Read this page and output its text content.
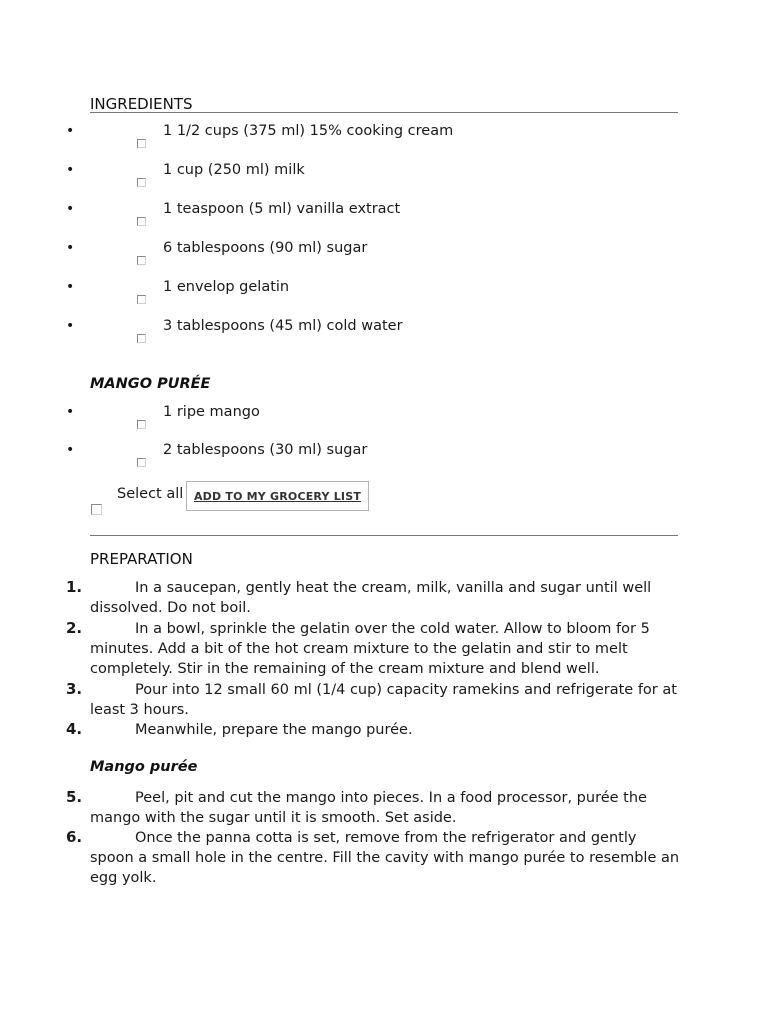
INGREDIENTS
•	1 1/2 cups (375 ml) 15% cooking cream
•	1 cup (250 ml) milk
•	1 teaspoon (5 ml) vanilla extract
•	6 tablespoons (90 ml) sugar
•	1 envelop gelatin
•	3 tablespoons (45 ml) cold water
MANGO PURÉE
•	1 ripe mango
•	2 tablespoons (30 ml) sugar
Select all ADD TO MY GROCERY LIST
PREPARATION
1.	In a saucepan, gently heat the cream, milk, vanilla and sugar until well dissolved. Do not boil.
2.	In a bowl, sprinkle the gelatin over the cold water. Allow to bloom for 5 minutes. Add a bit of the hot cream mixture to the gelatin and stir to melt completely. Stir in the remaining of the cream mixture and blend well.
3.	Pour into 12 small 60 ml (1/4 cup) capacity ramekins and refrigerate for at least 3 hours.
4.	Meanwhile, prepare the mango purée.
Mango purée
5.	Peel, pit and cut the mango into pieces. In a food processor, purée the mango with the sugar until it is smooth. Set aside.
6.	Once the panna cotta is set, remove from the refrigerator and gently spoon a small hole in the centre. Fill the cavity with mango purée to resemble an egg yolk.
